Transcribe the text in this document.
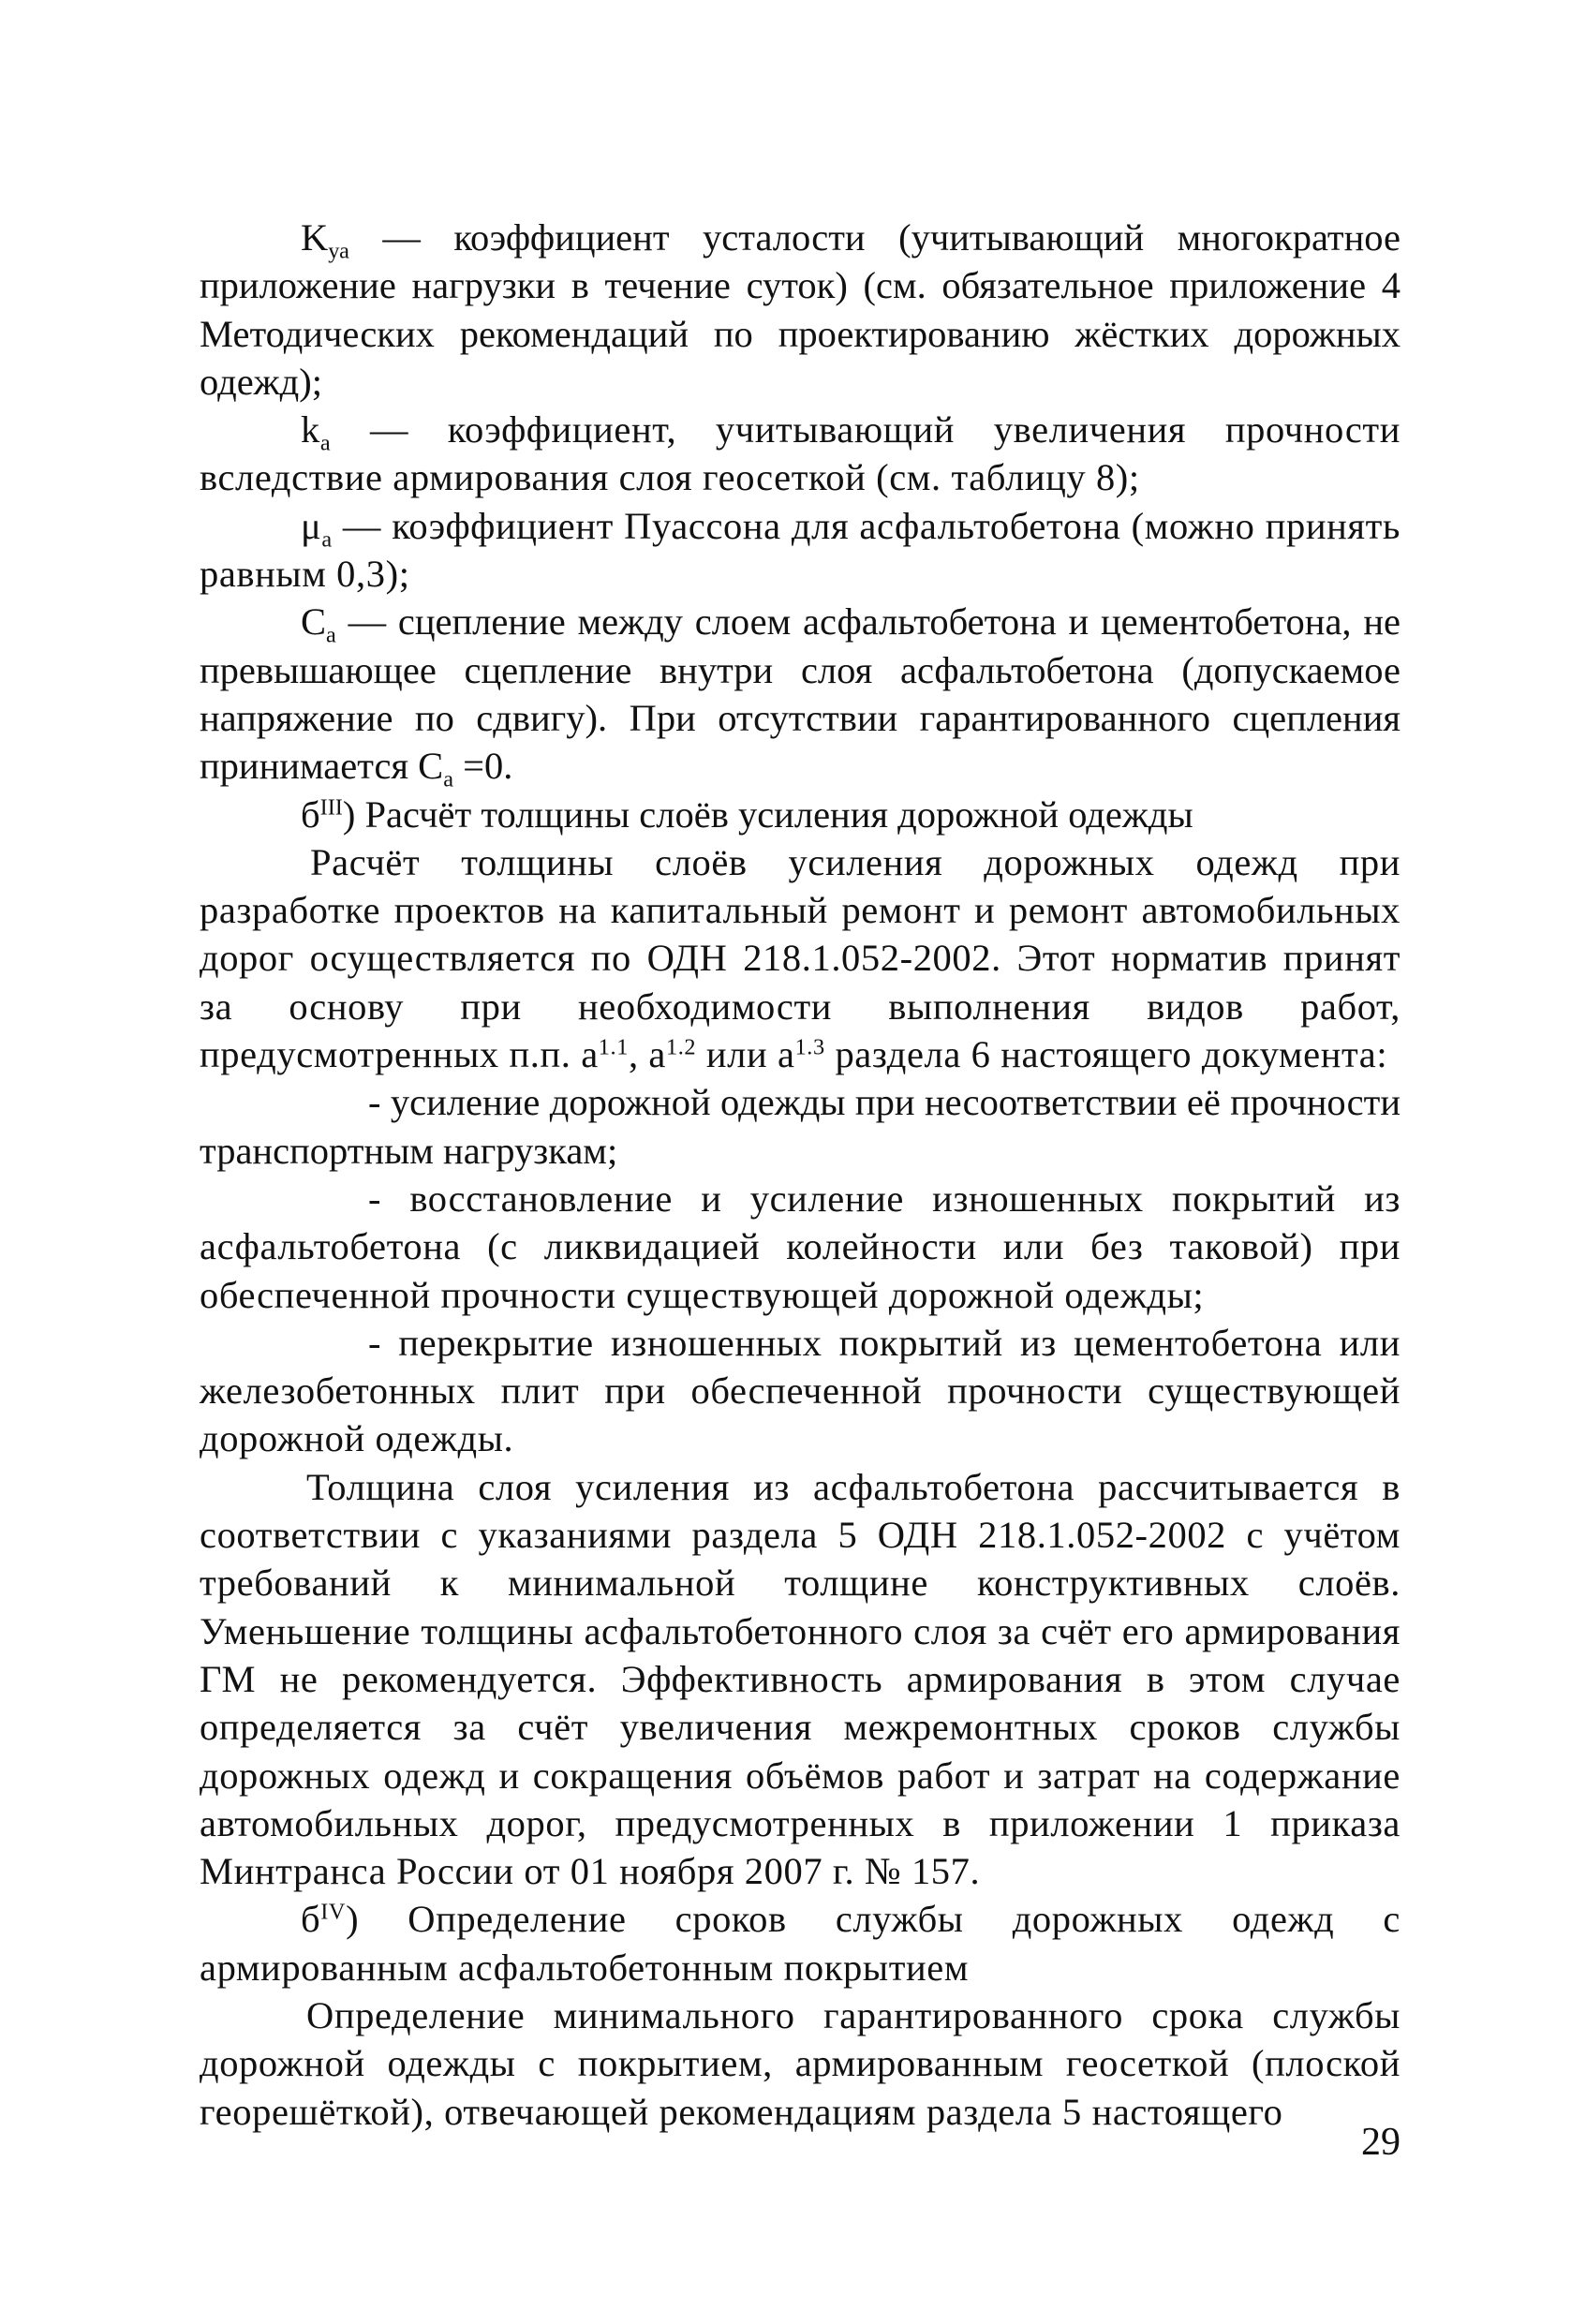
$K_{уа}$ — коэффициент усталости (учитывающий многократное приложение нагрузки в течение суток) (см. обязательное приложение 4 Методических рекомендаций по проектированию жёстких дорожных одежд);

$k_a$ — коэффициент, учитывающий увеличения прочности вследствие армирования слоя геосеткой (см. таблицу 8);

$\mu_a$ — коэффициент Пуассона для асфальтобетона (можно принять равным 0,3);

$C_a$ — сцепление между слоем асфальтобетона и цементобетона, не превышающее сцепление внутри слоя асфальтобетона (допускаемое напряжение по сдвигу). При отсутствии гарантированного сцепления принимается $C_a =0$.

$б^{III}$) Расчёт толщины слоёв усиления дорожной одежды

Расчёт толщины слоёв усиления дорожных одежд при разработке проектов на капитальный ремонт и ремонт автомобильных дорог осуществляется по ОДН 218.1.052-2002. Этот норматив принят за основу при необходимости выполнения видов работ, предусмотренных п.п. $a^{1.1}$, $a^{1.2}$ или $a^{1.3}$ раздела 6 настоящего документа:

- усиление дорожной одежды при несоответствии её прочности транспортным нагрузкам;

- восстановление и усиление изношенных покрытий из асфальтобетона (с ликвидацией колейности или без таковой) при обеспеченной прочности существующей дорожной одежды;

- перекрытие изношенных покрытий из цементобетона или железобетонных плит при обеспеченной прочности существующей дорожной одежды.

Толщина слоя усиления из асфальтобетона рассчитывается в соответствии с указаниями раздела 5 ОДН 218.1.052-2002 с учётом требований к минимальной толщине конструктивных слоёв. Уменьшение толщины асфальтобетонного слоя за счёт его армирования ГМ не рекомендуется. Эффективность армирования в этом случае определяется за счёт увеличения межремонтных сроков службы дорожных одежд и сокращения объёмов работ и затрат на содержание автомобильных дорог, предусмотренных в приложении 1 приказа Минтранса России от 01 ноября 2007 г. № 157.

$б^{IV}$) Определение сроков службы дорожных одежд с армированным асфальтобетонным покрытием

Определение минимального гарантированного срока службы дорожной одежды с покрытием, армированным геосеткой (плоской георешёткой), отвечающей рекомендациям раздела 5 настоящего

29
